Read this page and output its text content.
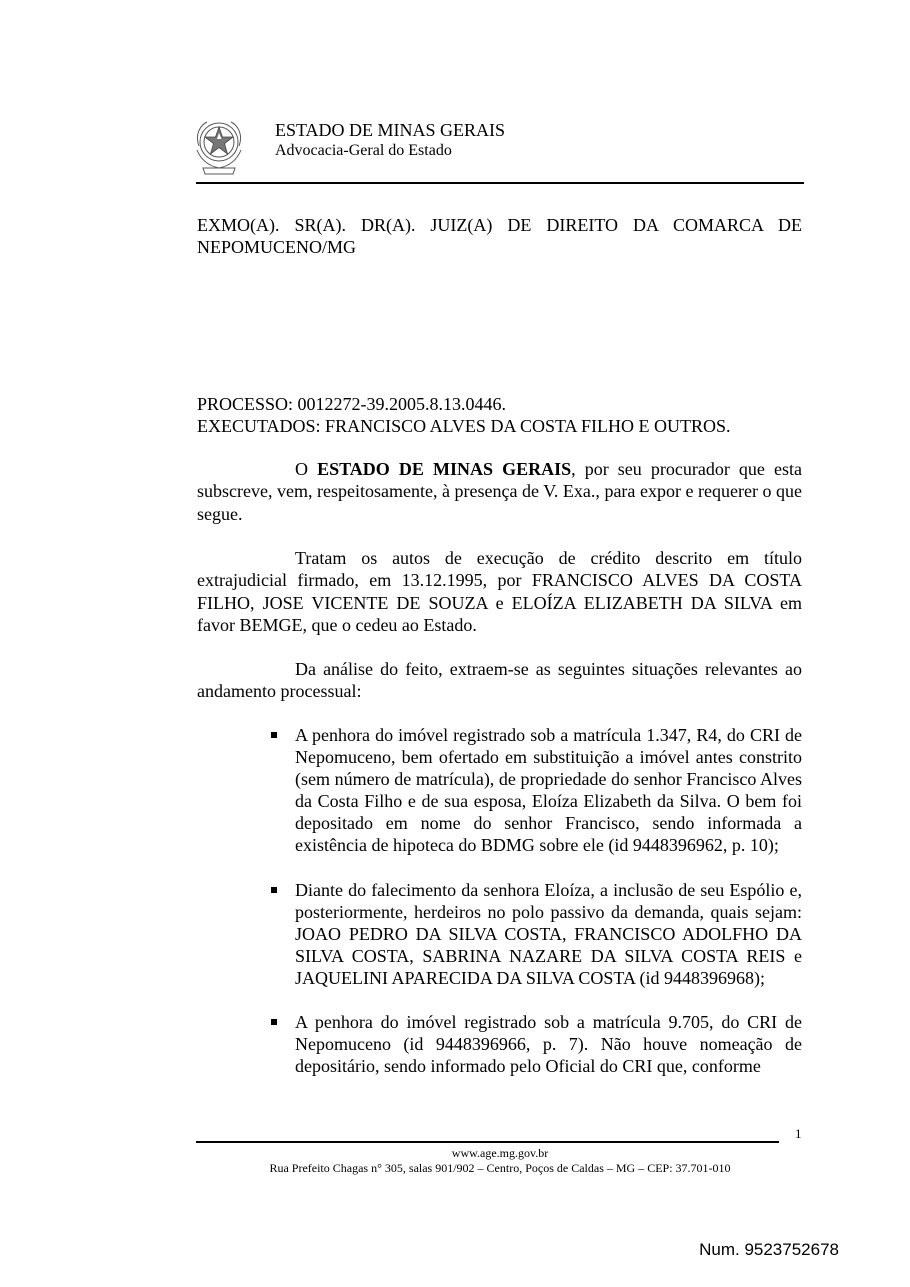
ESTADO DE MINAS GERAIS
Advocacia-Geral do Estado

EXMO(A). SR(A). DR(A). JUIZ(A) DE DIREITO DA COMARCA DE
NEPOMUCENO/MG

PROCESSO: 0012272-39.2005.8.13.0446.
EXECUTADOS: FRANCISCO ALVES DA COSTA FILHO E OUTROS.

O ESTADO DE MINAS GERAIS, por seu procurador que esta subscreve, vem, respeitosamente, à presença de V. Exa., para expor e requerer o que segue.

Tratam os autos de execução de crédito descrito em título extrajudicial firmado, em 13.12.1995, por FRANCISCO ALVES DA COSTA FILHO, JOSE VICENTE DE SOUZA e ELOÍZA ELIZABETH DA SILVA em favor BEMGE, que o cedeu ao Estado.

Da análise do feito, extraem-se as seguintes situações relevantes ao andamento processual:

A penhora do imóvel registrado sob a matrícula 1.347, R4, do CRI de Nepomuceno, bem ofertado em substituição a imóvel antes constrito (sem número de matrícula), de propriedade do senhor Francisco Alves da Costa Filho e de sua esposa, Eloíza Elizabeth da Silva. O bem foi depositado em nome do senhor Francisco, sendo informada a existência de hipoteca do BDMG sobre ele (id 9448396962, p. 10);
Diante do falecimento da senhora Eloíza, a inclusão de seu Espólio e, posteriormente, herdeiros no polo passivo da demanda, quais sejam: JOAO PEDRO DA SILVA COSTA, FRANCISCO ADOLFHO DA SILVA COSTA, SABRINA NAZARE DA SILVA COSTA REIS e JAQUELINI APARECIDA DA SILVA COSTA (id 9448396968);
A penhora do imóvel registrado sob a matrícula 9.705, do CRI de Nepomuceno (id 9448396966, p. 7). Não houve nomeação de depositário, sendo informado pelo Oficial do CRI que, conforme
1
www.age.mg.gov.br
Rua Prefeito Chagas n° 305, salas 901/902 – Centro, Poços de Caldas – MG – CEP: 37.701-010
Num. 9523752678
